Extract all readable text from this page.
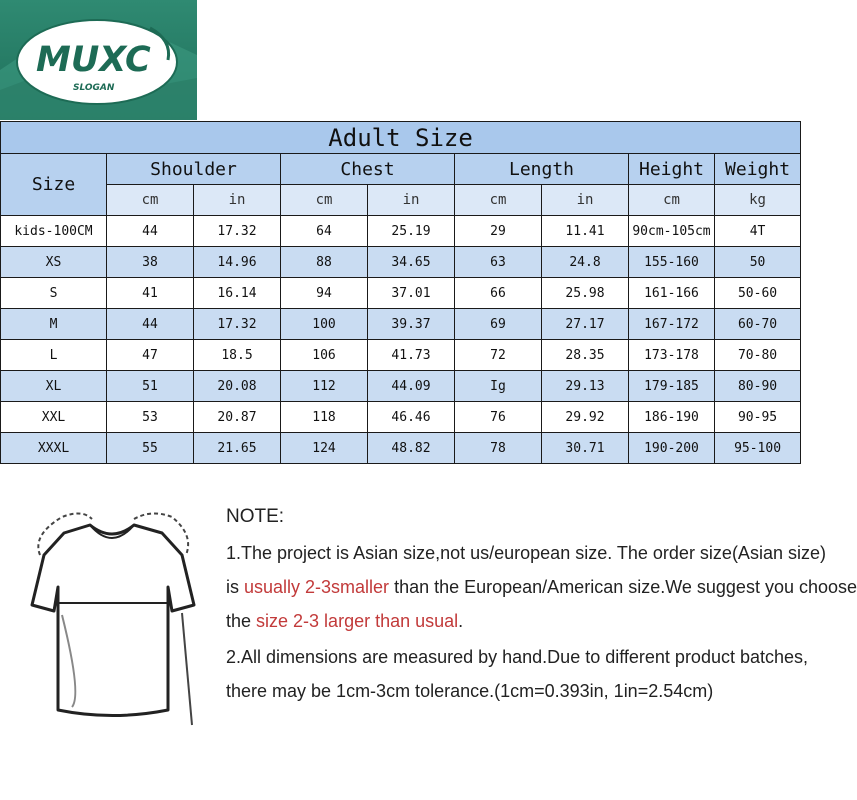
MUXC
SLOGAN
Adult Size								
Size	Shoulder		Chest		Length		Height	Weight
	cm	in	cm	in	cm	in	cm	kg
kids-100CM	44	17.32	64	25.19	29	11.41	90cm-105cm	4T
XS	38	14.96	88	34.65	63	24.8	155-160	50
S	41	16.14	94	37.01	66	25.98	161-166	50-60
M	44	17.32	100	39.37	69	27.17	167-172	60-70
L	47	18.5	106	41.73	72	28.35	173-178	70-80
XL	51	20.08	112	44.09	Ig	29.13	179-185	80-90
XXL	53	20.87	118	46.46	76	29.92	186-190	90-95
XXXL	55	21.65	124	48.82	78	30.71	190-200	95-100
NOTE:
1.The project is Asian size,not us/european size. The order size(Asian size)
is usually 2-3smaller than the European/American size.We suggest you choose
the size 2-3 larger than usual.
2.All dimensions are measured by hand.Due to different product batches,
there may be 1cm-3cm tolerance.(1cm=0.393in, 1in=2.54cm)
